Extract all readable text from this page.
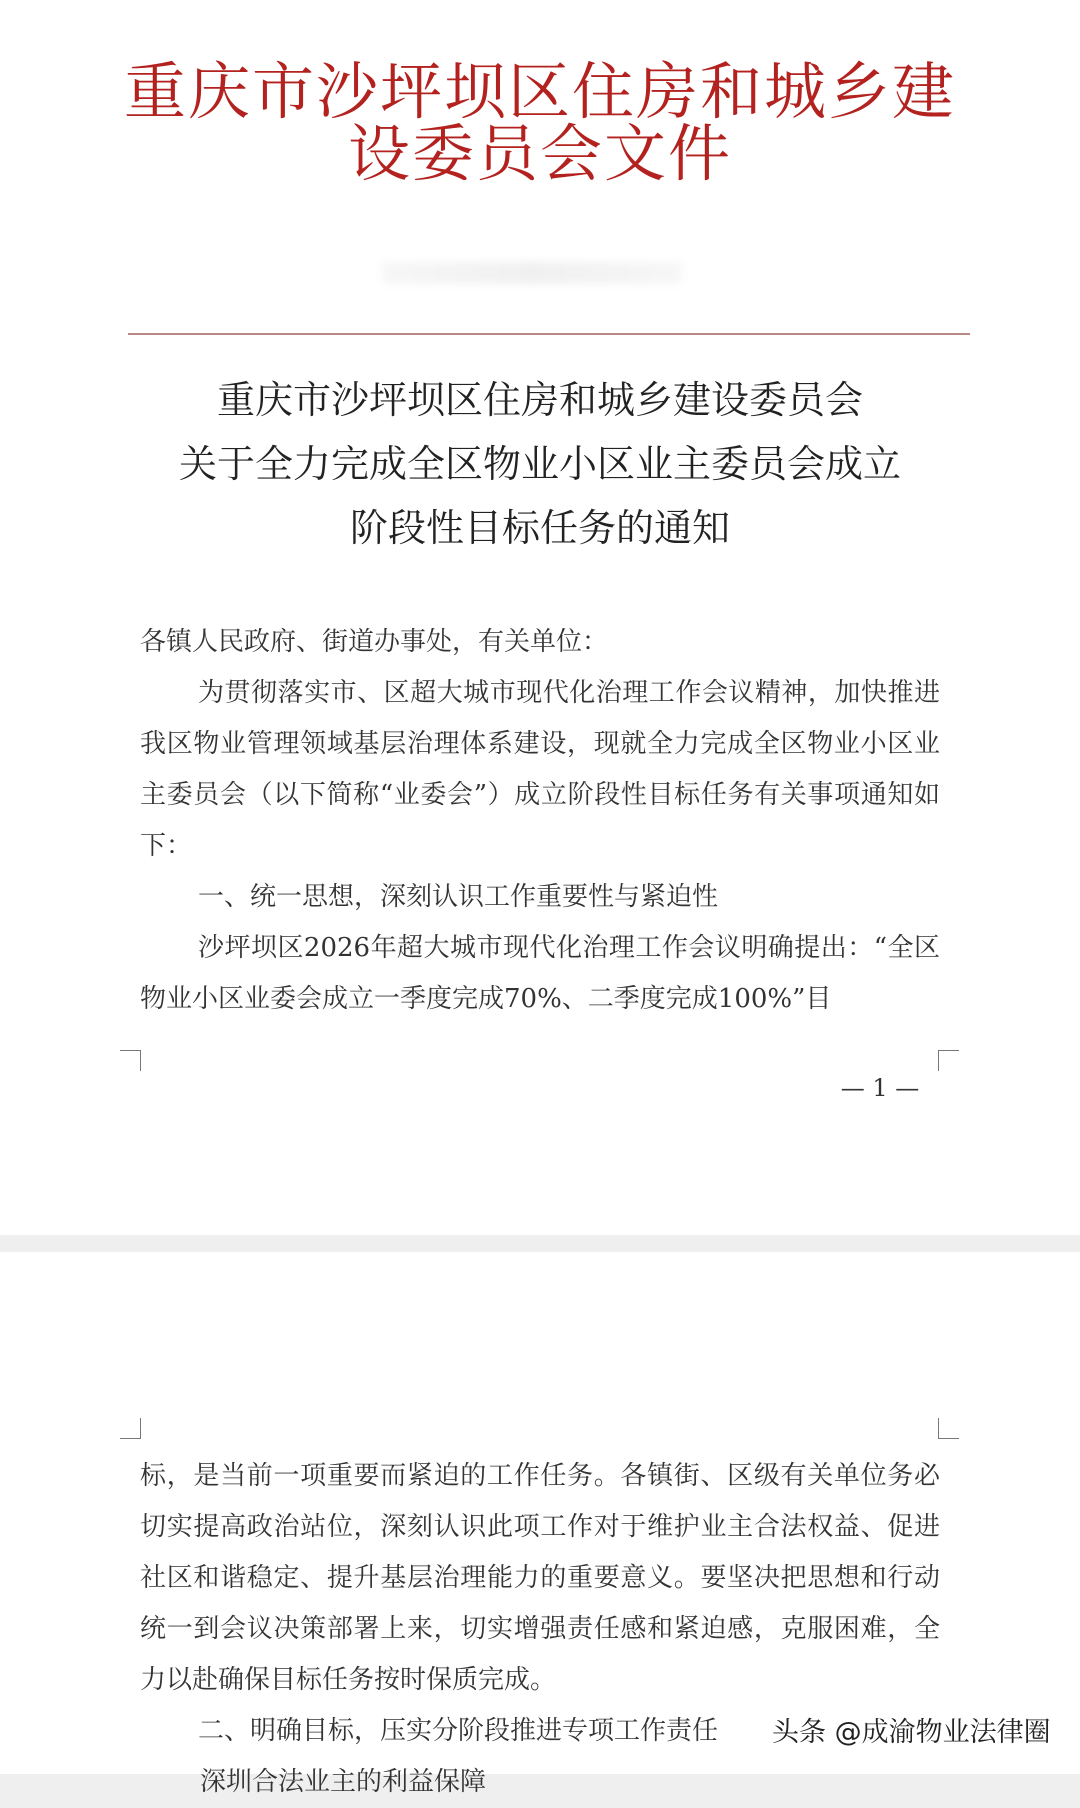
重庆市沙坪坝区住房和城乡建
设委员会文件
重庆市沙坪坝区住房和城乡建设委员会
关于全力完成全区物业小区业主委员会成立
阶段性目标任务的通知
各镇人民政府、街道办事处，有关单位：
为贯彻落实市、区超大城市现代化治理工作会议精神，加快推进我区物业管理领域基层治理体系建设，现就全力完成全区物业小区业主委员会（以下简称“业委会”）成立阶段性目标任务有关事项通知如下：
一、统一思想，深刻认识工作重要性与紧迫性
沙坪坝区2026年超大城市现代化治理工作会议明确提出：“全区物业小区业委会成立一季度完成70%、二季度完成100%”目
— 1 —
标，是当前一项重要而紧迫的工作任务。各镇街、区级有关单位务必切实提高政治站位，深刻认识此项工作对于维护业主合法权益、促进社区和谐稳定、提升基层治理能力的重要意义。要坚决把思想和行动统一到会议决策部署上来，切实增强责任感和紧迫感，克服困难，全力以赴确保目标任务按时保质完成。
二、明确目标，压实分阶段推进专项工作责任
深圳合法业主的利益保障
头条 @成渝物业法律圈
